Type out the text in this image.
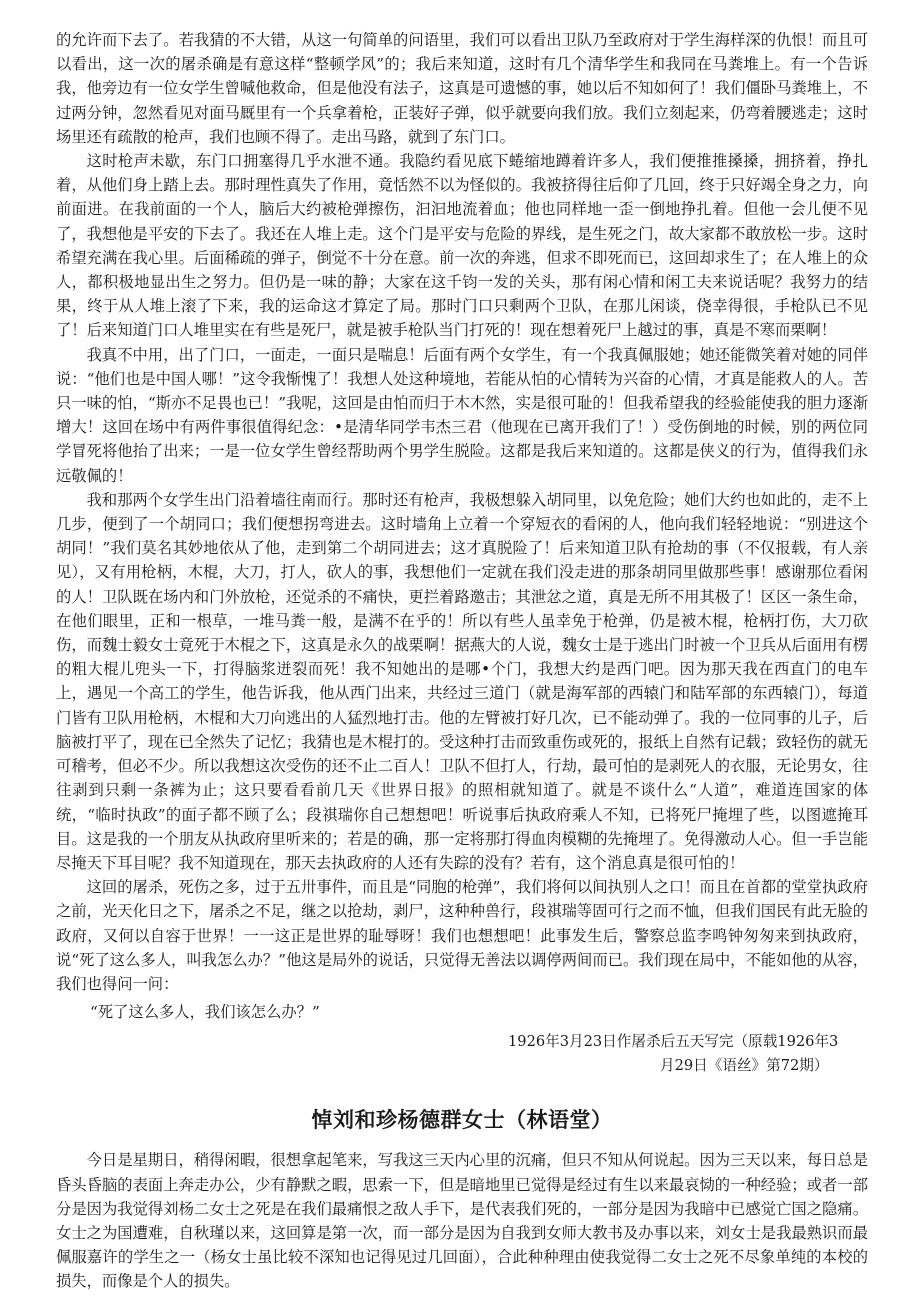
的允许而下去了。若我猜的不大错，从这一句简单的问语里，我们可以看出卫队乃至政府对于学生海样深的仇恨！而且可以看出，这一次的屠杀确是有意这样“整顿学风”的；我后来知道，这时有几个清华学生和我同在马粪堆上。有一个告诉我，他旁边有一位女学生曾喊他救命，但是他没有法子，这真是可遗憾的事，她以后不知如何了！我们僵卧马粪堆上，不过两分钟，忽然看见对面马厩里有一个兵拿着枪，正装好子弹，似乎就要向我们放。我们立刻起来，仍弯着腰逃走；这时场里还有疏散的枪声，我们也顾不得了。走出马路，就到了东门口。

这时枪声未歇，东门口拥塞得几乎水泄不通。我隐约看见底下蜷缩地蹲着许多人，我们便推推搡搡，拥挤着，挣扎着，从他们身上踏上去。那时理性真失了作用，竟恬然不以为怪似的。我被挤得往后仰了几回，终于只好竭全身之力，向前面进。在我前面的一个人，脑后大约被枪弹擦伤，汩汩地流着血；他也同样地一歪一倒地挣扎着。但他一会儿便不见了，我想他是平安的下去了。我还在人堆上走。这个门是平安与危险的界线，是生死之门，故大家都不敢放松一步。这时希望充满在我心里。后面稀疏的弹子，倒觉不十分在意。前一次的奔逃，但求不即死而已，这回却求生了；在人堆上的众人，都积极地显出生之努力。但仍是一味的静；大家在这千钧一发的关头，那有闲心情和闲工夫来说话呢？我努力的结果，终于从人堆上滚了下来，我的运命这才算定了局。那时门口只剩两个卫队，在那儿闲谈，侥幸得很，手枪队已不见了！后来知道门口人堆里实在有些是死尸，就是被手枪队当门打死的！现在想着死尸上越过的事，真是不寒而栗啊！

我真不中用，出了门口，一面走，一面只是喘息！后面有两个女学生，有一个我真佩服她；她还能微笑着对她的同伴说：“他们也是中国人哪！”这令我惭愧了！我想人处这种境地，若能从怕的心情转为兴奋的心情，才真是能救人的人。苦只一味的怕，“斯亦不足畏也已！”我呢，这回是由怕而归于木木然，实是很可耻的！但我希望我的经验能使我的胆力逐渐增大！这回在场中有两件事很值得纪念：•是清华同学韦杰三君（他现在已离开我们了！）受伤倒地的时候，别的两位同学冒死将他抬了出来；一是一位女学生曾经帮助两个男学生脱险。这都是我后来知道的。这都是侠义的行为，值得我们永远敬佩的！

我和那两个女学生出门沿着墙往南而行。那时还有枪声，我极想躲入胡同里，以免危险；她们大约也如此的，走不上几步，便到了一个胡同口；我们便想拐弯进去。这时墙角上立着一个穿短衣的看闲的人，他向我们轻轻地说：“别进这个胡同！”我们莫名其妙地依从了他，走到第二个胡同进去；这才真脱险了！后来知道卫队有抢劫的事（不仅报载，有人亲见），又有用枪柄，木棍，大刀，打人，砍人的事，我想他们一定就在我们没走进的那条胡同里做那些事！感谢那位看闲的人！卫队既在场内和门外放枪，还觉杀的不痛快，更拦着路邀击；其泄忿之道，真是无所不用其极了！区区一条生命，在他们眼里，正和一根草，一堆马粪一般，是满不在乎的！所以有些人虽幸免于枪弹，仍是被木棍，枪柄打伤，大刀砍伤，而魏士毅女士竟死于木棍之下，这真是永久的战栗啊！据燕大的人说，魏女士是于逃出门时被一个卫兵从后面用有楞的粗大棍儿兜头一下，打得脑浆迸裂而死！我不知她出的是哪•个门，我想大约是西门吧。因为那天我在西直门的电车上，遇见一个高工的学生，他告诉我，他从西门出来，共经过三道门（就是海军部的西辕门和陆军部的东西辕门），每道门皆有卫队用枪柄，木棍和大刀向逃出的人猛烈地打击。他的左臂被打好几次，已不能动弹了。我的一位同事的儿子，后脑被打平了，现在已全然失了记忆；我猜也是木棍打的。受这种打击而致重伤或死的，报纸上自然有记载；致轻伤的就无可稽考，但必不少。所以我想这次受伤的还不止二百人！卫队不但打人，行劫，最可怕的是剥死人的衣服，无论男女，往往剥到只剩一条裤为止；这只要看看前几天《世界日报》的照相就知道了。就是不谈什么“人道”，难道连国家的体统，“临时执政”的面子都不顾了么；段祺瑞你自己想想吧！听说事后执政府乘人不知，已将死尸掩埋了些，以图遮掩耳目。这是我的一个朋友从执政府里听来的；若是的确，那一定将那打得血肉模糊的先掩埋了。免得激动人心。但一手岂能尽掩天下耳目呢？我不知道现在，那天去执政府的人还有失踪的没有？若有，这个消息真是很可怕的！

这回的屠杀，死伤之多，过于五卅事件，而且是“同胞的枪弹”，我们将何以间执别人之口！而且在首都的堂堂执政府之前，光天化日之下，屠杀之不足，继之以抢劫，剥尸，这种种兽行，段祺瑞等固可行之而不恤，但我们国民有此无脸的政府，又何以自容于世界！一一这正是世界的耻辱呀！我们也想想吧！此事发生后，警察总监李鸣钟匆匆来到执政府，说“死了这么多人，叫我怎么办？”他这是局外的说话，只觉得无善法以调停两间而已。我们现在局中，不能如他的从容，我们也得问一问：

“死了这么多人，我们该怎么办？”

1926年3月23日作屠杀后五天写完（原载1926年3
月29日《语丝》第72期）
悼刘和珍杨德群女士（林语堂）

今日是星期日，稍得闲暇，很想拿起笔来，写我这三天内心里的沉痛，但只不知从何说起。因为三天以来，每日总是昏头昏脑的表面上奔走办公，少有静默之暇，思索一下，但是暗地里已觉得是经过有生以来最哀恸的一种经验；或者一部分是因为我觉得刘杨二女士之死是在我们最痛恨之敌人手下，是代表我们死的，一部分是因为我暗中已感觉亡国之隐痛。女士之为国遭难，自秋瑾以来，这回算是第一次，而一部分是因为自我到女师大教书及办事以来，刘女士是我最熟识而最佩服嘉许的学生之一（杨女士虽比较不深知也记得见过几回面），合此种种理由使我觉得二女士之死不尽象单纯的本校的损失，而像是个人的损失。
